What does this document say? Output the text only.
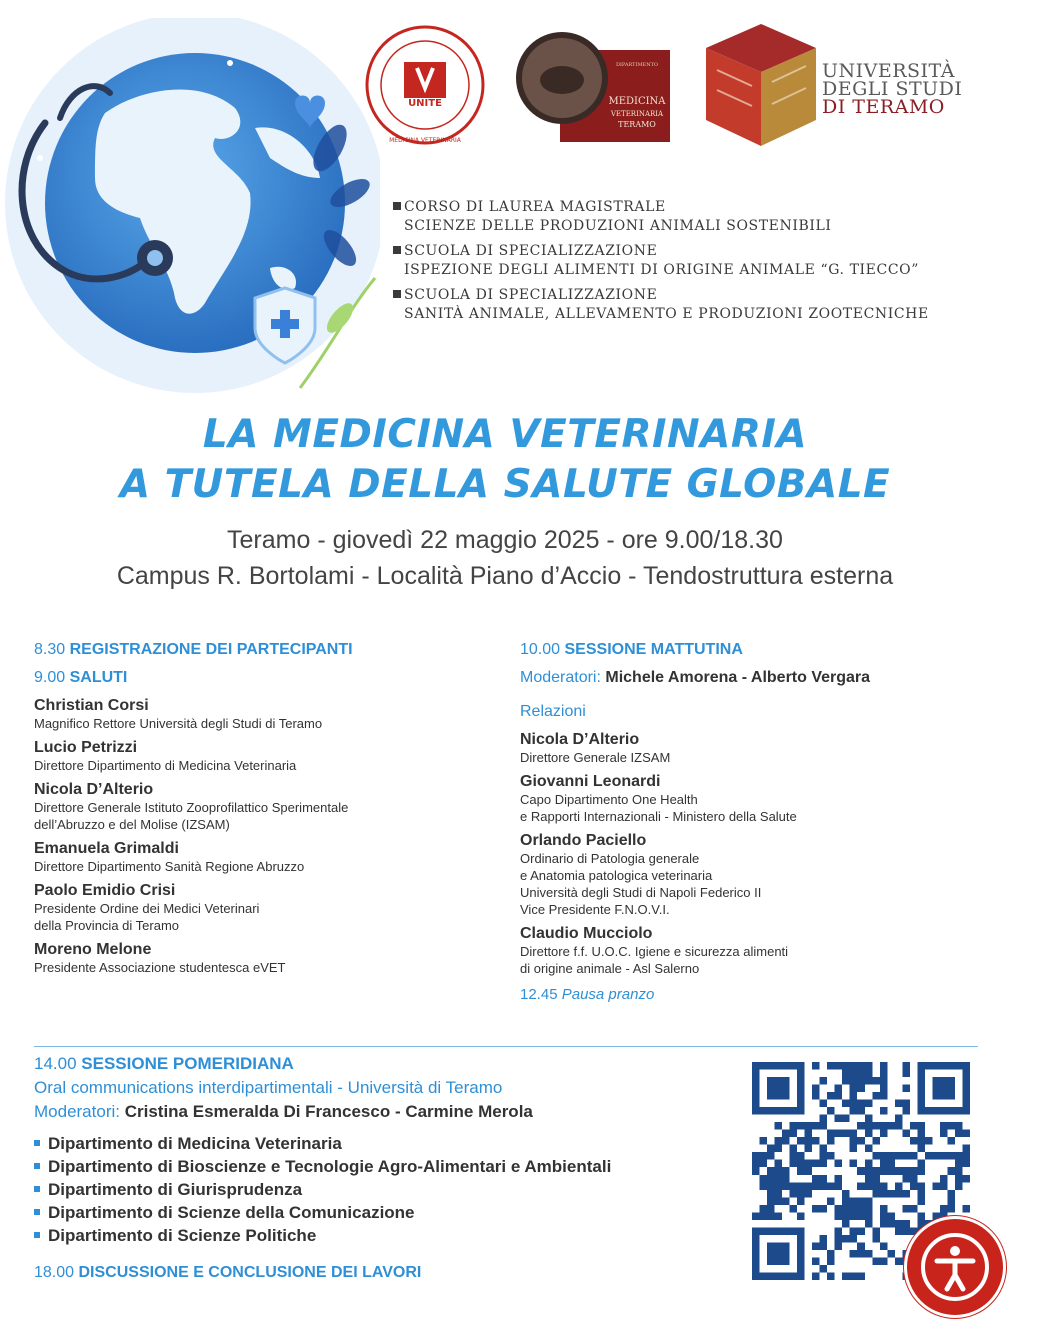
UNITE
MEDICINA VETERINARIA
DIPARTIMENTO
MEDICINA
VETERINARIA
TERAMO
UNIVERSITÀ
DEGLI STUDI
DI TERAMO
CORSO DI LAUREA MAGISTRALE
SCIENZE DELLE PRODUZIONI ANIMALI SOSTENIBILI
SCUOLA DI SPECIALIZZAZIONE
ISPEZIONE DEGLI ALIMENTI DI ORIGINE ANIMALE “G. TIECCO”
SCUOLA DI SPECIALIZZAZIONE
SANITÀ ANIMALE, ALLEVAMENTO E PRODUZIONI ZOOTECNICHE
LA MEDICINA VETERINARIA
A TUTELA DELLA SALUTE GLOBALE
Teramo - giovedì 22 maggio 2025 - ore 9.00/18.30
Campus R. Bortolami - Località Piano d’Accio - Tendostruttura esterna
8.30 REGISTRAZIONE DEI PARTECIPANTI
9.00 SALUTI
Christian Corsi
Magnifico Rettore Università degli Studi di Teramo
Lucio Petrizzi
Direttore Dipartimento di Medicina Veterinaria
Nicola D’Alterio
Direttore Generale Istituto Zooprofilattico Sperimentale
dell’Abruzzo e del Molise (IZSAM)
Emanuela Grimaldi
Direttore Dipartimento Sanità Regione Abruzzo
Paolo Emidio Crisi
Presidente Ordine dei Medici Veterinari
della Provincia di Teramo
Moreno Melone
Presidente Associazione studentesca eVET
10.00 SESSIONE MATTUTINA
Moderatori: Michele Amorena - Alberto Vergara
Relazioni
Nicola D’Alterio
Direttore Generale IZSAM
Giovanni Leonardi
Capo Dipartimento One Health
e Rapporti Internazionali - Ministero della Salute
Orlando Paciello
Ordinario di Patologia generale
e Anatomia patologica veterinaria
Università degli Studi di Napoli Federico II
Vice Presidente F.N.O.V.I.
Claudio Mucciolo
Direttore f.f. U.O.C. Igiene e sicurezza alimenti
di origine animale - Asl Salerno
12.45 Pausa pranzo
14.00 SESSIONE POMERIDIANA
Oral communications interdipartimentali - Università di Teramo
Moderatori: Cristina Esmeralda Di Francesco - Carmine Merola
Dipartimento di Medicina Veterinaria
Dipartimento di Bioscienze e Tecnologie Agro-Alimentari e Ambientali
Dipartimento di Giurisprudenza
Dipartimento di Scienze della Comunicazione
Dipartimento di Scienze Politiche
18.00 DISCUSSIONE E CONCLUSIONE DEI LAVORI
